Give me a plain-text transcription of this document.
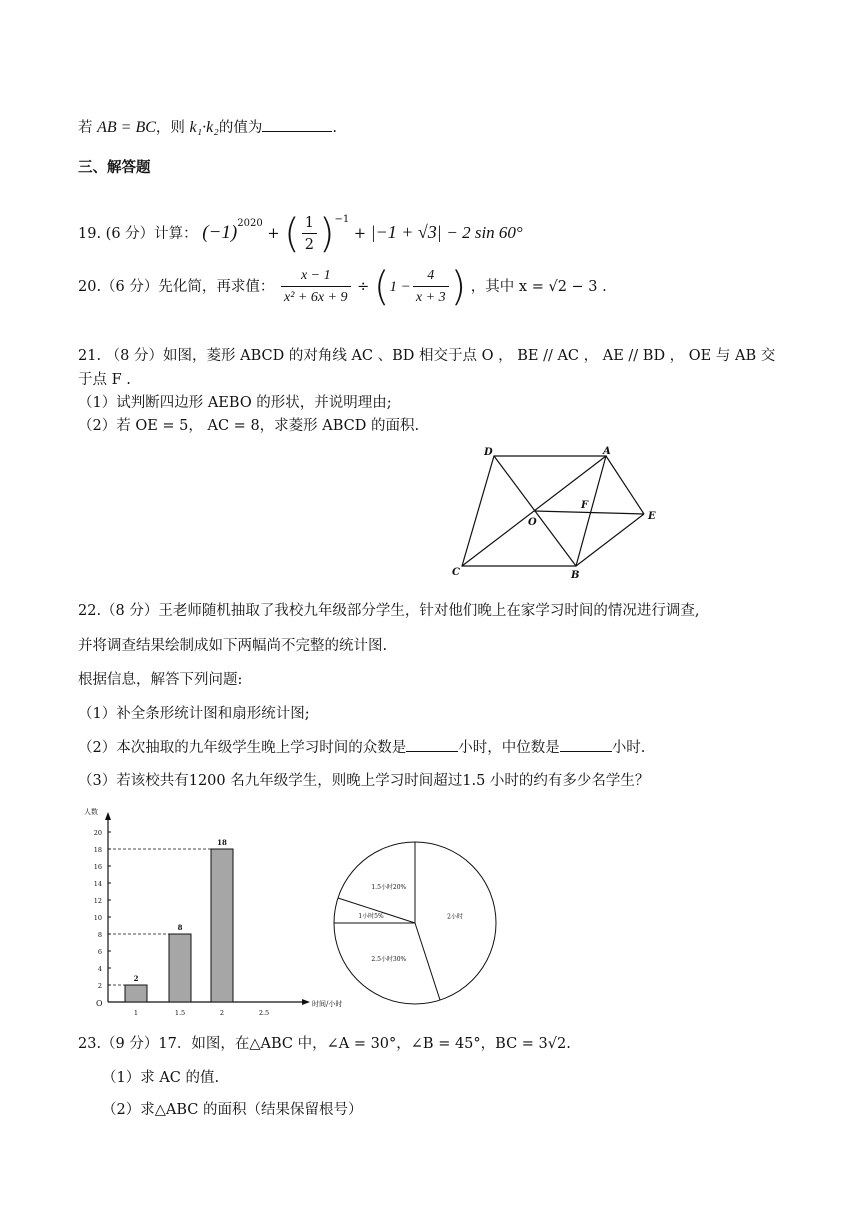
若 AB = BC，则 k₁·k₂的值为	.
三、解答题
19. (6 分）计算： $(-1)^{2020}$ + ( $\frac{1}{2} )^{-1} + |-1 + √3| - 2$ sin 60°
20.（6 分）先化简，再求值： $\frac{x - 1}{\text{x² + 6x + 9}} \div (1 - \frac{4}{x + 3}$ ) ，其中 x = √2 − 3 .
21. （8 分）如图，菱形 ABCD 的对角线 AC 、BD 相交于点 O ， BE // AC ， AE // BD ， OE 与 AB 交
于点 F .
（1）试判断四边形 AEBO 的形状，并说明理由;
（2）若 OE = 5， AC = 8，求菱形 ABCD 的面积.
D	A
F
O
E
C	B
22.（8 分）王老师随机抽取了我校九年级部分学生，针对他们晚上在家学习时间的情况进行调查,
并将调查结果绘制成如下两幅尚不完整的统计图.
根据信息，解答下列问题:
（1）补全条形统计图和扇形统计图;
（2）本次抽取的九年级学生晚上学习时间的众数是	小时，中位数是	小时.
（3）若该校共有1200 名九年级学生，则晚上学习时间超过1.5 小时的约有多少名学生？
人数
时间/小时
O
2
4
6
8
10
12
14
16
18
20
1
2
1.5
8
2
18
2.5
1.5小时20%
1小时5%
2.5小时30%
2小时
23.（9 分）17．如图，在△ABC 中，∠A = 30°，∠B = 45°，BC = 3√2.
（1）求 AC 的值.
（2）求△ABC 的面积（结果保留根号）
